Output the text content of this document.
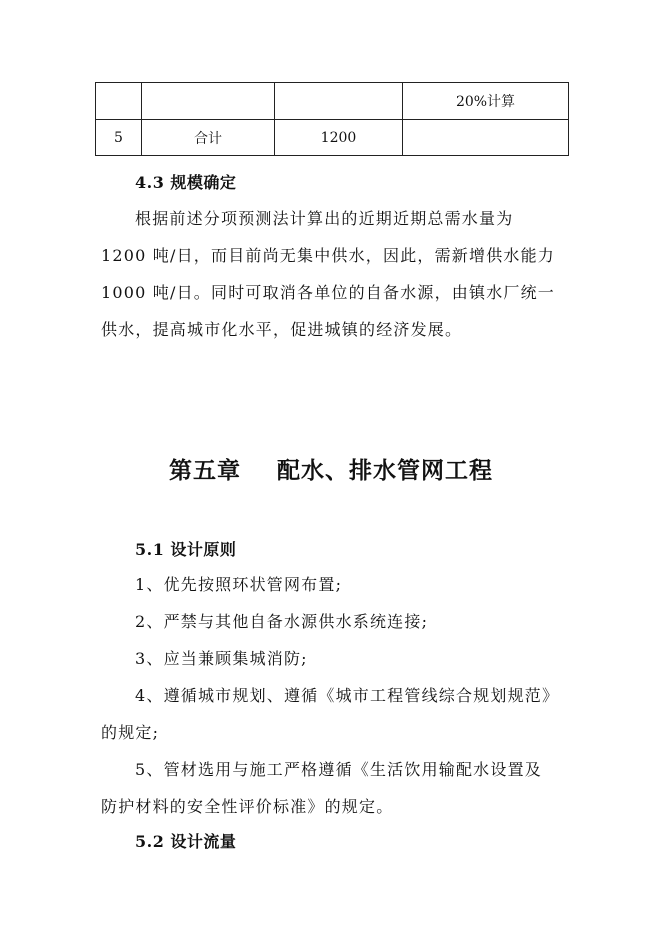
			20%计算
5	合计	1200	
4.3 规模确定
根据前述分项预测法计算出的近期近期总需水量为
1200 吨/日，而目前尚无集中供水，因此，需新增供水能力
1000 吨/日。同时可取消各单位的自备水源，由镇水厂统一
供水，提高城市化水平，促进城镇的经济发展。
第五章    配水、排水管网工程
5.1 设计原则
1、优先按照环状管网布置;
2、严禁与其他自备水源供水系统连接;
3、应当兼顾集城消防;
4、遵循城市规划、遵循《城市工程管线综合规划规范》
的规定;
5、管材选用与施工严格遵循《生活饮用输配水设置及
防护材料的安全性评价标准》的规定。
5.2 设计流量
